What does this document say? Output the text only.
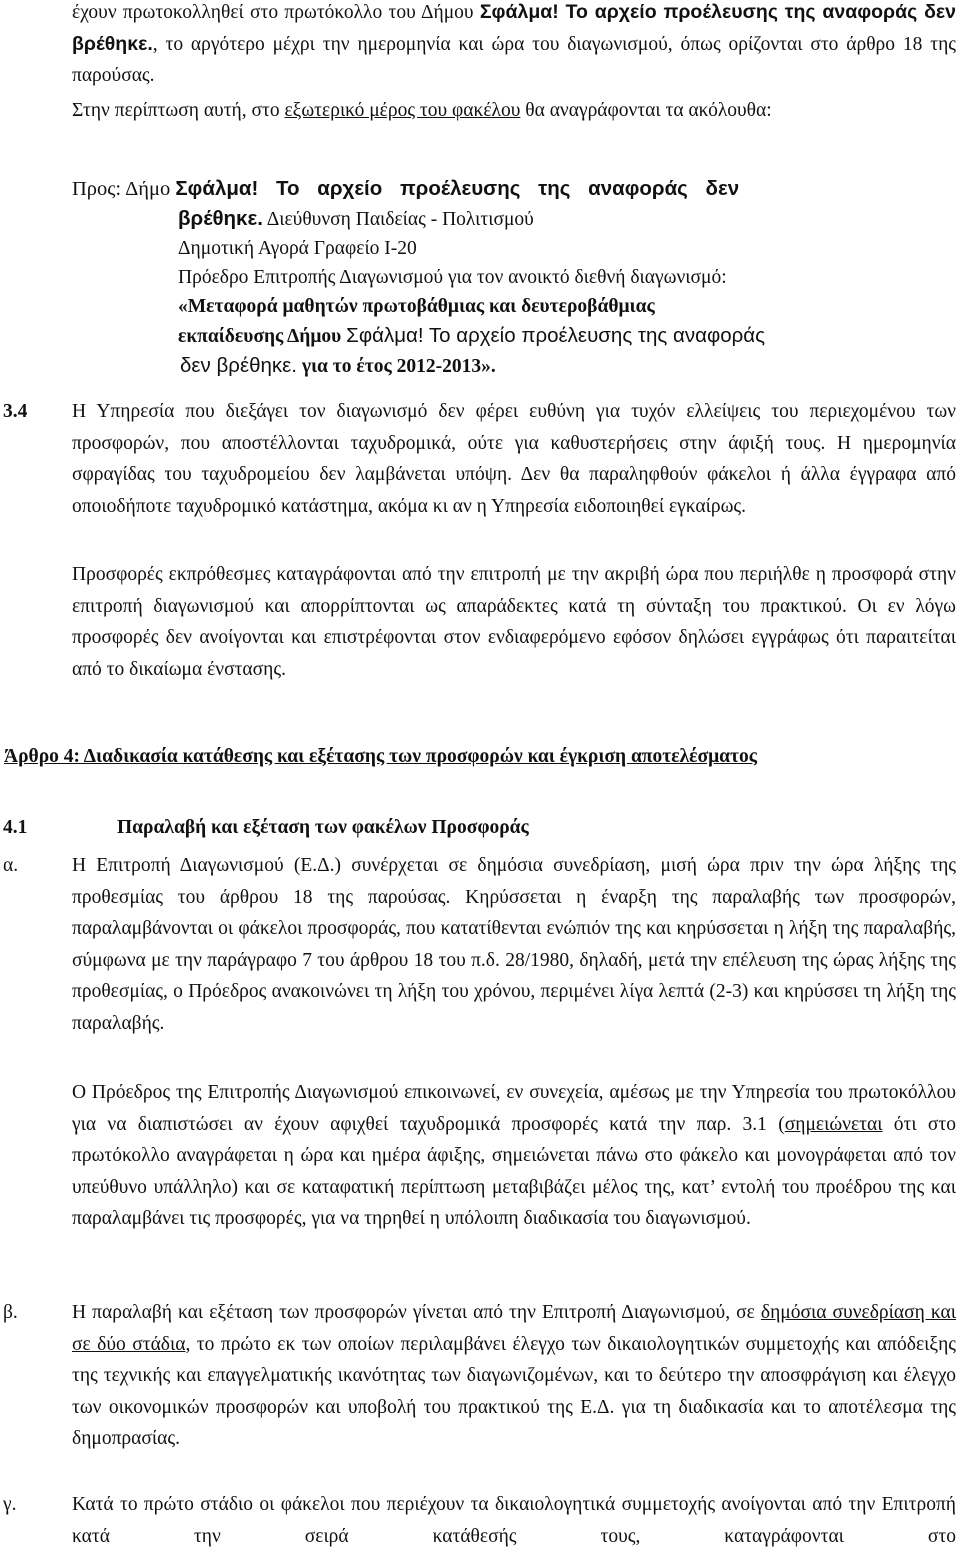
έχουν πρωτοκολληθεί στο πρωτόκολλο του Δήμου Σφάλμα! Το αρχείο προέλευσης της αναφοράς δεν βρέθηκε., το αργότερο μέχρι την ημερομηνία και ώρα του διαγωνισμού, όπως ορίζονται στο άρθρο 18 της παρούσας.

Στην περίπτωση αυτή, στο εξωτερικό μέρος του φακέλου θα αναγράφονται τα ακόλουθα:

Προς: Δήμο Σφάλμα! Το αρχείο προέλευσης της αναφοράς δεν
βρέθηκε. Διεύθυνση Παιδείας - Πολιτισμού
Δημοτική Αγορά Γραφείο Ι-20
Πρόεδρο Επιτροπής Διαγωνισμού για τον ανοικτό διεθνή διαγωνισμό:
«Μεταφορά μαθητών πρωτοβάθμιας και δευτεροβάθμιας
εκπαίδευσης Δήμου Σφάλμα! Το αρχείο προέλευσης της αναφοράς
δεν βρέθηκε. για το έτος 2012-2013».
3.4 Η Υπηρεσία που διεξάγει τον διαγωνισμό δεν φέρει ευθύνη για τυχόν ελλείψεις του περιεχομένου των προσφορών, που αποστέλλονται ταχυδρομικά, ούτε για καθυστερήσεις στην άφιξή τους. Η ημερομηνία σφραγίδας του ταχυδρομείου δεν λαμβάνεται υπόψη. Δεν θα παραληφθούν φάκελοι ή άλλα έγγραφα από οποιοδήποτε ταχυδρομικό κατάστημα, ακόμα κι αν η Υπηρεσία ειδοποιηθεί εγκαίρως.

Προσφορές εκπρόθεσμες καταγράφονται από την επιτροπή με την ακριβή ώρα που περιήλθε η προσφορά στην επιτροπή διαγωνισμού και απορρίπτονται ως απαράδεκτες κατά τη σύνταξη του πρακτικού. Οι εν λόγω προσφορές δεν ανοίγονται και επιστρέφονται στον ενδιαφερόμενο εφόσον δηλώσει εγγράφως ότι παραιτείται από το δικαίωμα ένστασης.

Άρθρο 4: Διαδικασία κατάθεσης και εξέτασης των προσφορών και έγκριση αποτελέσματος

4.1	Παραλαβή και εξέταση των φακέλων Προσφοράς
α.	Η Επιτροπή Διαγωνισμού (Ε.Δ.) συνέρχεται σε δημόσια συνεδρίαση, μισή ώρα πριν την ώρα λήξης της προθεσμίας του άρθρου 18 της παρούσας. Κηρύσσεται η έναρξη της παραλαβής των προσφορών, παραλαμβάνονται οι φάκελοι προσφοράς, που κατατίθενται ενώπιόν της και κηρύσσεται η λήξη της παραλαβής, σύμφωνα με την παράγραφο 7 του άρθρου 18 του π.δ. 28/1980, δηλαδή, μετά την επέλευση της ώρας λήξης της προθεσμίας, ο Πρόεδρος ανακοινώνει τη λήξη του χρόνου, περιμένει λίγα λεπτά (2-3) και κηρύσσει τη λήξη της παραλαβής.

Ο Πρόεδρος της Επιτροπής Διαγωνισμού επικοινωνεί, εν συνεχεία, αμέσως με την Υπηρεσία του πρωτοκόλλου για να διαπιστώσει αν έχουν αφιχθεί ταχυδρομικά προσφορές κατά την παρ. 3.1 (σημειώνεται ότι στο πρωτόκολλο αναγράφεται η ώρα και ημέρα άφιξης, σημειώνεται πάνω στο φάκελο και μονογράφεται από τον υπεύθυνο υπάλληλο) και σε καταφατική περίπτωση μεταβιβάζει μέλος της, κατ’ εντολή του προέδρου της και παραλαμβάνει τις προσφορές, για να τηρηθεί η υπόλοιπη διαδικασία του διαγωνισμού.

β.	Η παραλαβή και εξέταση των προσφορών γίνεται από την Επιτροπή Διαγωνισμού, σε δημόσια συνεδρίαση και σε δύο στάδια, το πρώτο εκ των οποίων περιλαμβάνει έλεγχο των δικαιολογητικών συμμετοχής και απόδειξης της τεχνικής και επαγγελματικής ικανότητας των διαγωνιζομένων, και το δεύτερο την αποσφράγιση και έλεγχο των οικονομικών προσφορών και υποβολή του πρακτικού της Ε.Δ. για τη διαδικασία και το αποτέλεσμα της δημοπρασίας.

γ.	Κατά το πρώτο στάδιο οι φάκελοι που περιέχουν τα δικαιολογητικά συμμετοχής ανοίγονται από την Επιτροπή κατά την σειρά κατάθεσής τους, καταγράφονται στο
